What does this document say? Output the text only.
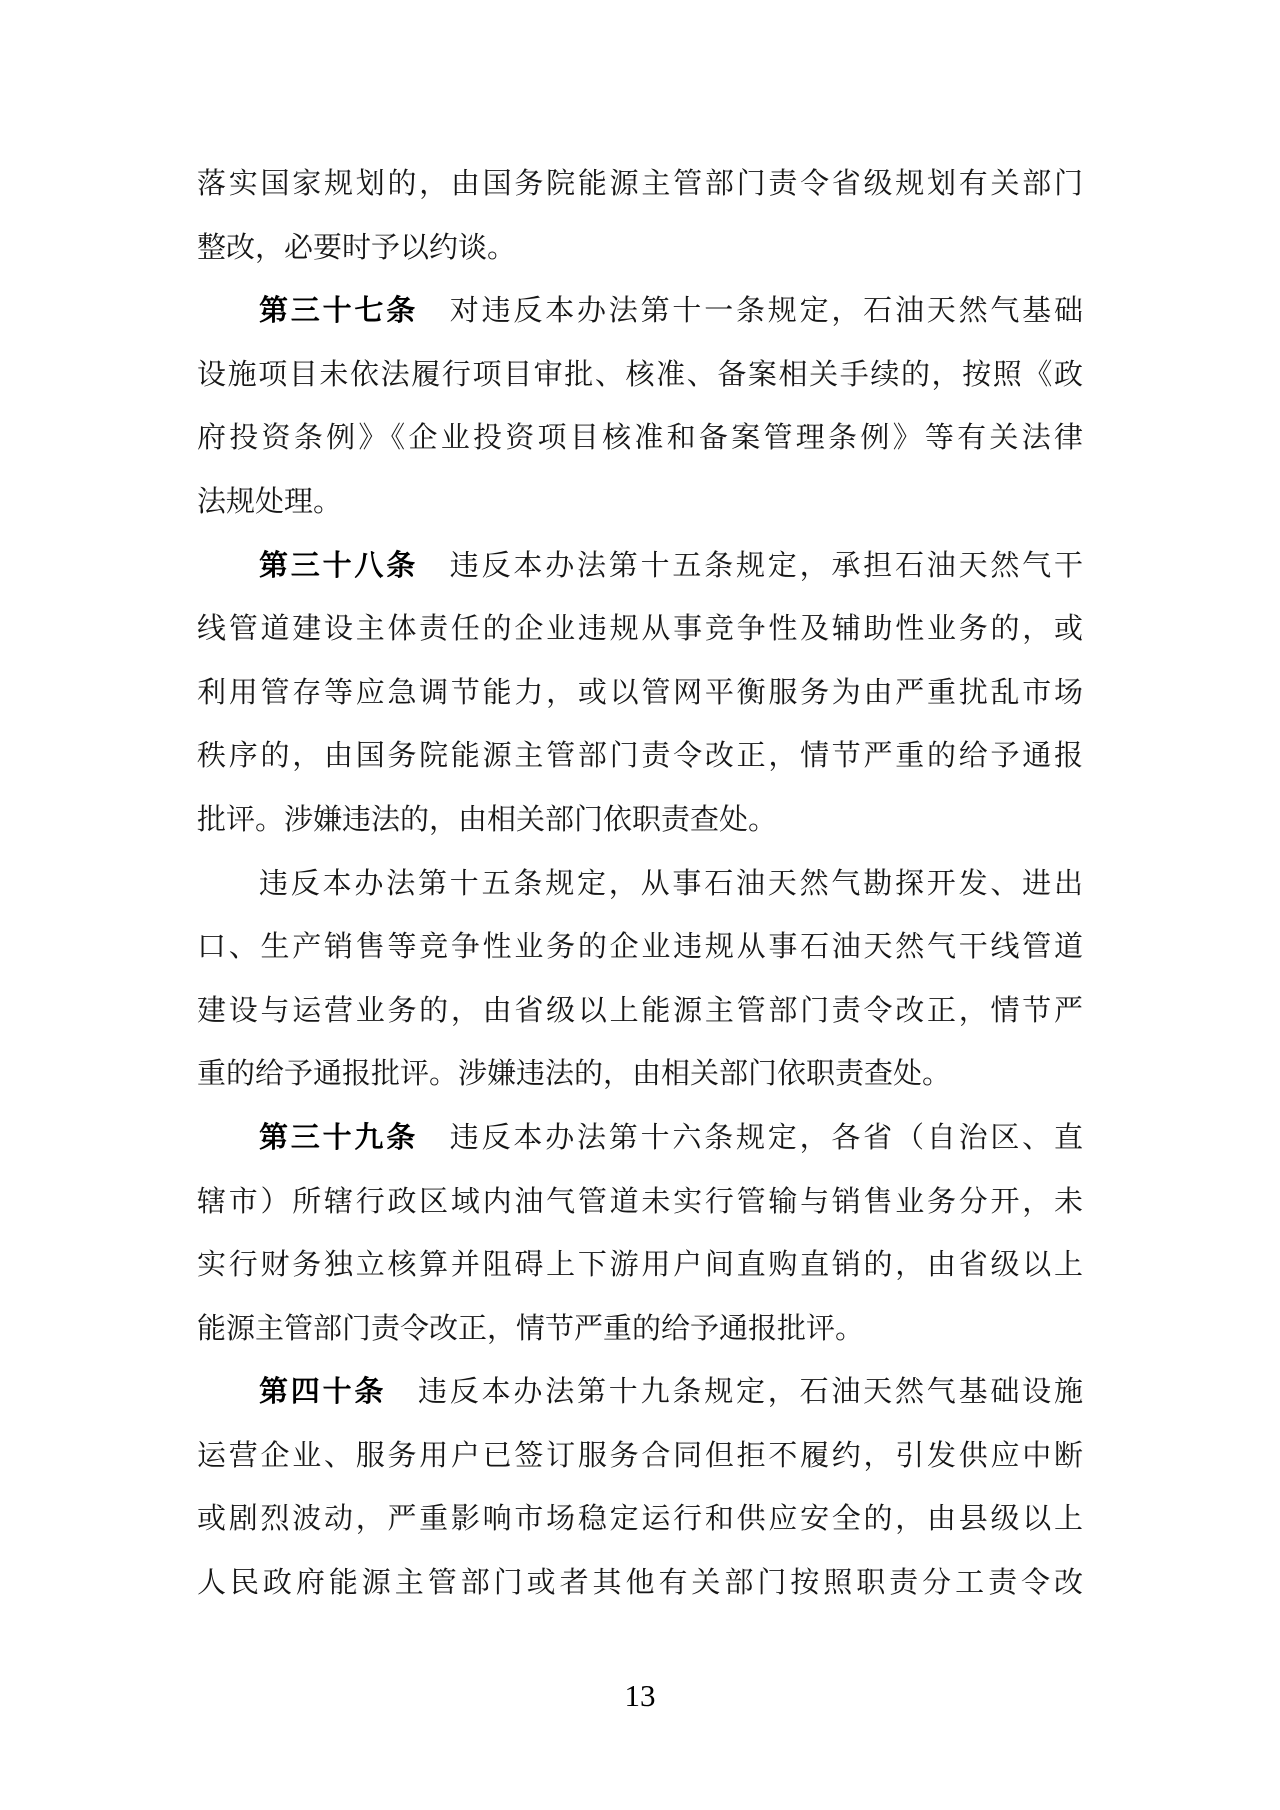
落实国家规划的，由国务院能源主管部门责令省级规划有关部门
整改，必要时予以约谈。
第三十七条　对违反本办法第十一条规定，石油天然气基础
设施项目未依法履行项目审批、核准、备案相关手续的，按照《政
府投资条例》《企业投资项目核准和备案管理条例》等有关法律
法规处理。
第三十八条　违反本办法第十五条规定，承担石油天然气干
线管道建设主体责任的企业违规从事竞争性及辅助性业务的，或
利用管存等应急调节能力，或以管网平衡服务为由严重扰乱市场
秩序的，由国务院能源主管部门责令改正，情节严重的给予通报
批评。涉嫌违法的，由相关部门依职责查处。
违反本办法第十五条规定，从事石油天然气勘探开发、进出
口、生产销售等竞争性业务的企业违规从事石油天然气干线管道
建设与运营业务的，由省级以上能源主管部门责令改正，情节严
重的给予通报批评。涉嫌违法的，由相关部门依职责查处。
第三十九条　违反本办法第十六条规定，各省（自治区、直
辖市）所辖行政区域内油气管道未实行管输与销售业务分开，未
实行财务独立核算并阻碍上下游用户间直购直销的，由省级以上
能源主管部门责令改正，情节严重的给予通报批评。
第四十条　违反本办法第十九条规定，石油天然气基础设施
运营企业、服务用户已签订服务合同但拒不履约，引发供应中断
或剧烈波动，严重影响市场稳定运行和供应安全的，由县级以上
人民政府能源主管部门或者其他有关部门按照职责分工责令改
13
